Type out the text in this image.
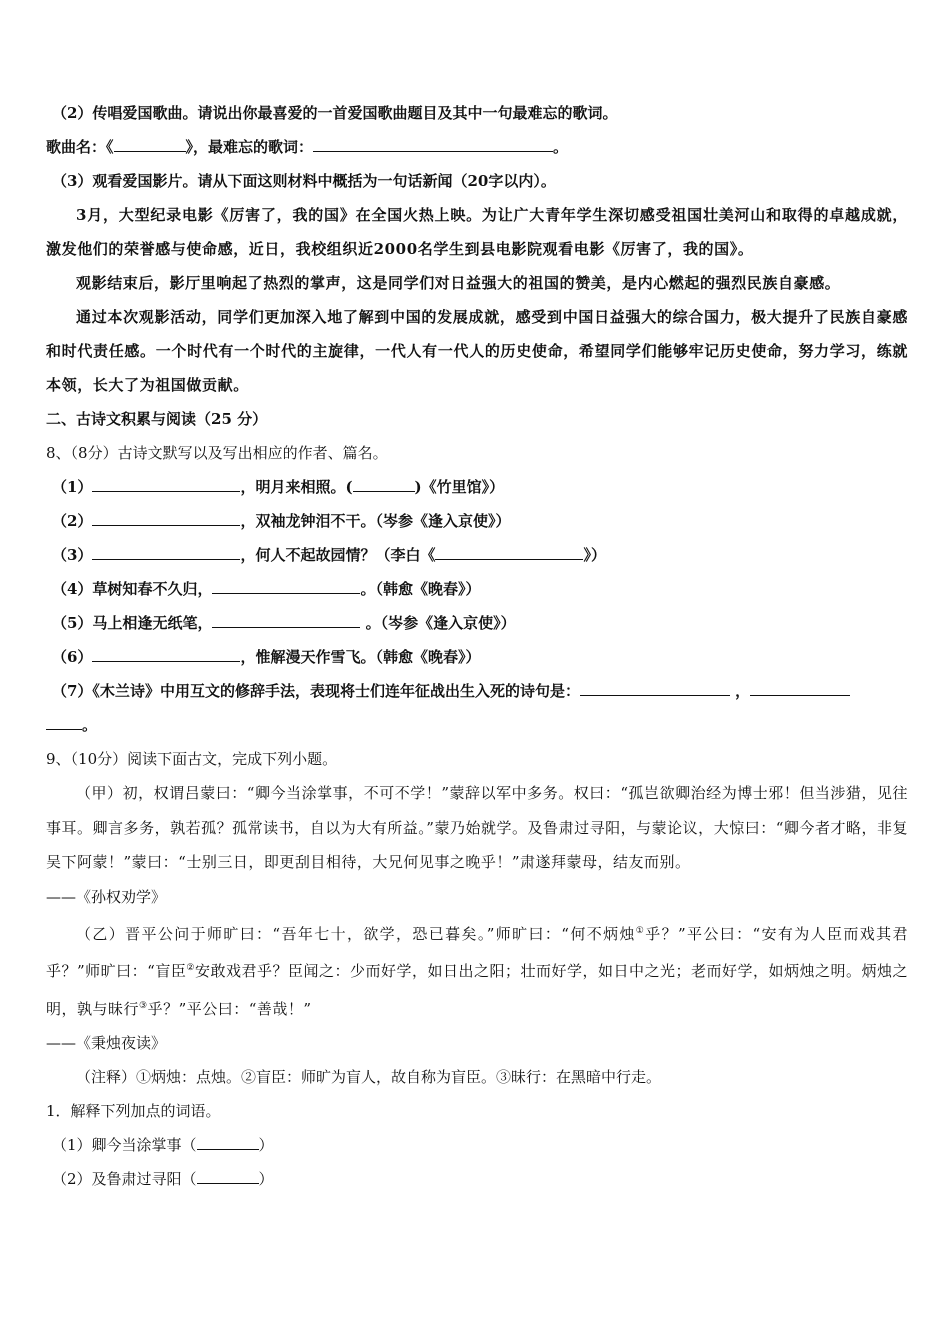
（2）传唱爱国歌曲。请说出你最喜爱的一首爱国歌曲题目及其中一句最难忘的歌词。
歌曲名：《	》，最难忘的歌词：	。
（3）观看爱国影片。请从下面这则材料中概括为一句话新闻（20字以内）。
3月，大型纪录电影《厉害了，我的国》在全国火热上映。为让广大青年学生深切感受祖国壮美河山和取得的卓越成就，激发他们的荣誉感与使命感，近日，我校组织近2000名学生到县电影院观看电影《厉害了，我的国》。
观影结束后，影厅里响起了热烈的掌声，这是同学们对日益强大的祖国的赞美，是内心燃起的强烈民族自豪感。
通过本次观影活动，同学们更加深入地了解到中国的发展成就，感受到中国日益强大的综合国力，极大提升了民族自豪感和时代责任感。一个时代有一个时代的主旋律，一代人有一代人的历史使命，希望同学们能够牢记历史使命，努力学习，练就本领，长大了为祖国做贡献。
二、古诗文积累与阅读（25 分）
8、（8分）古诗文默写以及写出相应的作者、篇名。
（1）	，明月来相照。(	)《竹里馆》）
（2）	，双袖龙钟泪不干。（岑参《逢入京使》）
（3）	，何人不起故园情？（李白《	》）
（4）草树知春不久归，	。（韩愈《晚春》）
（5）马上相逢无纸笔，	。（岑参《逢入京使》）
（6）	，惟解漫天作雪飞。（韩愈《晚春》）
（7）《木兰诗》中用互文的修辞手法，表现将士们连年征战出生入死的诗句是：	，
。
9、（10分）阅读下面古文，完成下列小题。
（甲）初，权谓吕蒙曰：“卿今当涂掌事，不可不学！”蒙辞以军中多务。权曰：“孤岂欲卿治经为博士邪！但当涉猎，见往事耳。卿言多务，孰若孤？孤常读书，自以为大有所益。”蒙乃始就学。及鲁肃过寻阳，与蒙论议，大惊曰：“卿今者才略，非复吴下阿蒙！”蒙曰：“士别三日，即更刮目相待，大兄何见事之晚乎！”肃遂拜蒙母，结友而别。
——《孙权劝学》
（乙）晋平公问于师旷曰：“吾年七十，欲学，恐已暮矣。”师旷曰：“何不炳烛①乎？”平公曰：“安有为人臣而戏其君乎？”师旷曰：“盲臣②安敢戏君乎？臣闻之：少而好学，如日出之阳；壮而好学，如日中之光；老而好学，如炳烛之明。炳烛之明，孰与昧行③乎？”平公曰：“善哉！”
——《秉烛夜读》
（注释）①炳烛：点烛。②盲臣：师旷为盲人，故自称为盲臣。③昧行：在黑暗中行走。
1．解释下列加点的词语。
（1）卿今当涂掌事（	）
（2）及鲁肃过寻阳（	）
